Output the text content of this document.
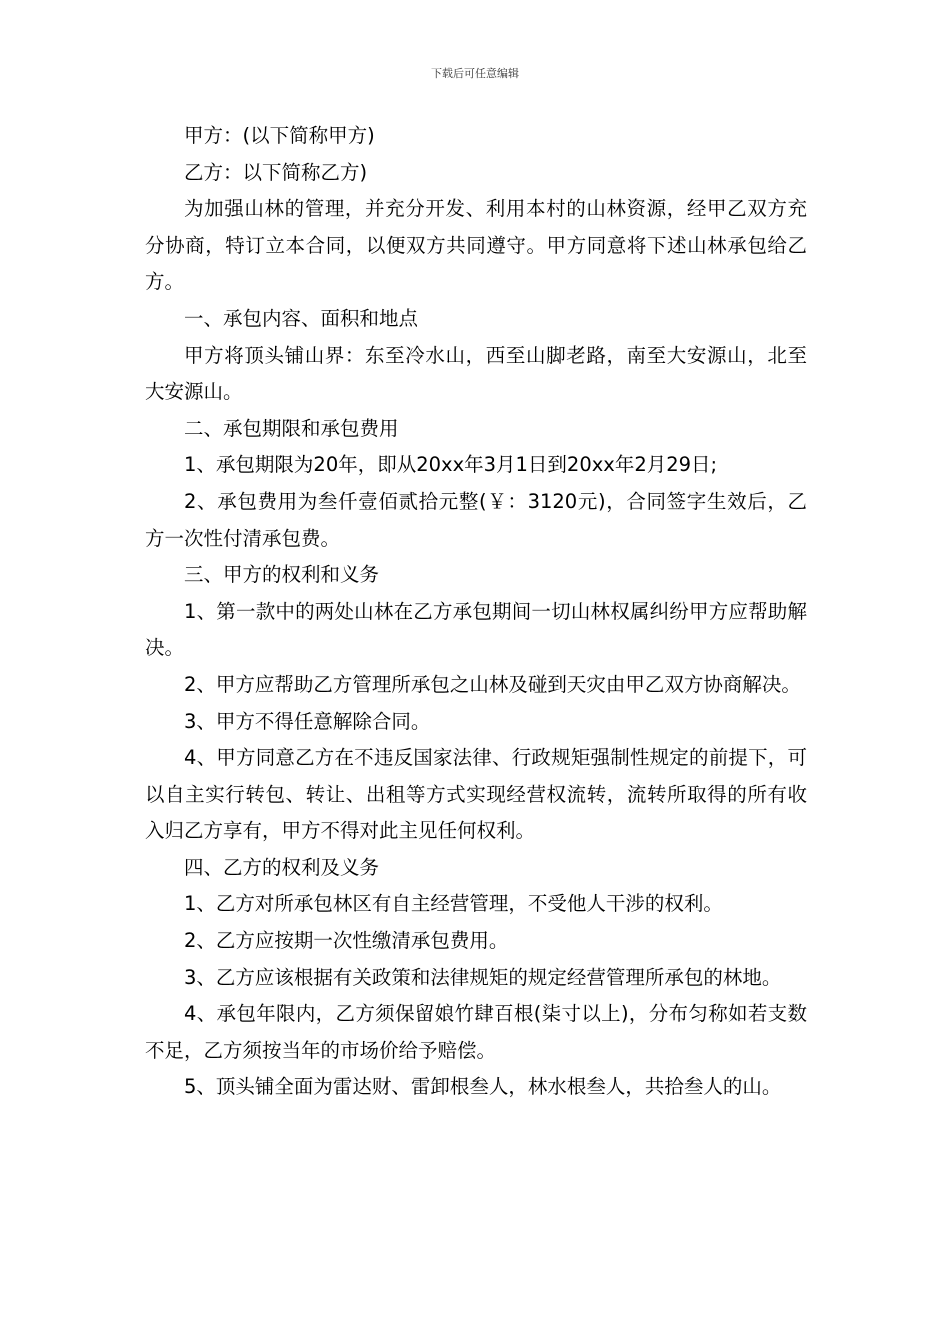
下载后可任意编辑

甲方：(以下简称甲方)

乙方：以下简称乙方)

为加强山林的管理，并充分开发、利用本村的山林资源，经甲乙双方充分协商，特订立本合同，以便双方共同遵守。甲方同意将下述山林承包给乙方。

一、承包内容、面积和地点

甲方将顶头铺山界：东至冷水山，西至山脚老路，南至大安源山，北至大安源山。

二、承包期限和承包费用

1、承包期限为20年，即从20xx年3月1日到20xx年2月29日;

2、承包费用为叁仟壹佰贰拾元整(￥：3120元)，合同签字生效后，乙方一次性付清承包费。

三、甲方的权利和义务

1、第一款中的两处山林在乙方承包期间一切山林权属纠纷甲方应帮助解决。

2、甲方应帮助乙方管理所承包之山林及碰到天灾由甲乙双方协商解决。

3、甲方不得任意解除合同。

4、甲方同意乙方在不违反国家法律、行政规矩强制性规定的前提下，可以自主实行转包、转让、出租等方式实现经营权流转，流转所取得的所有收入归乙方享有，甲方不得对此主见任何权利。

四、乙方的权利及义务

1、乙方对所承包林区有自主经营管理，不受他人干涉的权利。

2、乙方应按期一次性缴清承包费用。

3、乙方应该根据有关政策和法律规矩的规定经营管理所承包的林地。

4、承包年限内，乙方须保留娘竹肆百根(柒寸以上)，分布匀称如若支数不足，乙方须按当年的市场价给予赔偿。

5、顶头铺全面为雷达财、雷卸根叁人，林水根叁人，共拾叁人的山。
